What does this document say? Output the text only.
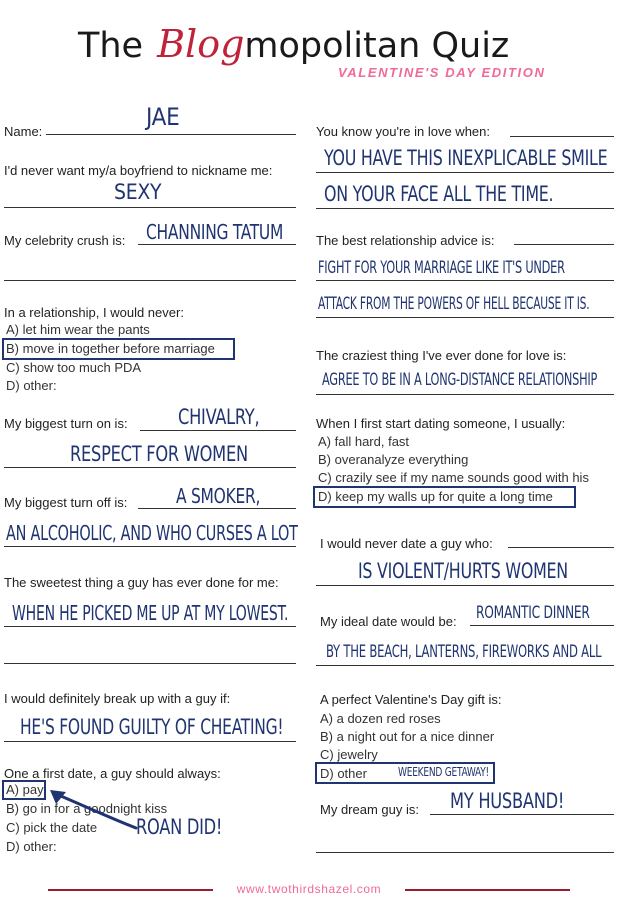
The Blogmopolitan Quiz
VALENTINE'S DAY EDITION
Name:
JAE
I'd never want my/a boyfriend to nickname me:
SEXY
My celebrity crush is: CHANNING TATUM
In a relationship, I would never:
A) let him wear the pants
B) move in together before marriage
C) show too much PDA
D) other:
My biggest turn on is: CHIVALRY,
RESPECT FOR WOMEN
My biggest turn off is: A SMOKER,
AN ALCOHOLIC, AND WHO CURSES A LOT
The sweetest thing a guy has ever done for me:
WHEN HE PICKED ME UP AT MY LOWEST.
I would definitely break up with a guy if:
HE'S FOUND GUILTY OF CHEATING!
One a first date, a guy should always:
A) pay
B) go in for a goodnight kiss
C) pick the date
D) other:
ROAN DID!
You know you're in love when:
YOU HAVE THIS INEXPLICABLE SMILE
ON YOUR FACE ALL THE TIME.
The best relationship advice is:
FIGHT FOR YOUR MARRIAGE LIKE IT'S UNDER
ATTACK FROM THE POWERS OF HELL BECAUSE IT IS.
The craziest thing I've ever done for love is:
AGREE TO BE IN A LONG-DISTANCE RELATIONSHIP
When I first start dating someone, I usually:
A) fall hard, fast
B) overanalyze everything
C) crazily see if my name sounds good with his
D) keep my walls up for quite a long time
I would never date a guy who:
IS VIOLENT/HURTS WOMEN
My ideal date would be: ROMANTIC DINNER
BY THE BEACH, LANTERNS, FIREWORKS AND ALL
A perfect Valentine's Day gift is:
A) a dozen red roses
B) a night out for a nice dinner
C) jewelry
D) other	WEEKEND GETAWAY!
My dream guy is: MY HUSBAND!
www.twothirdshazel.com
